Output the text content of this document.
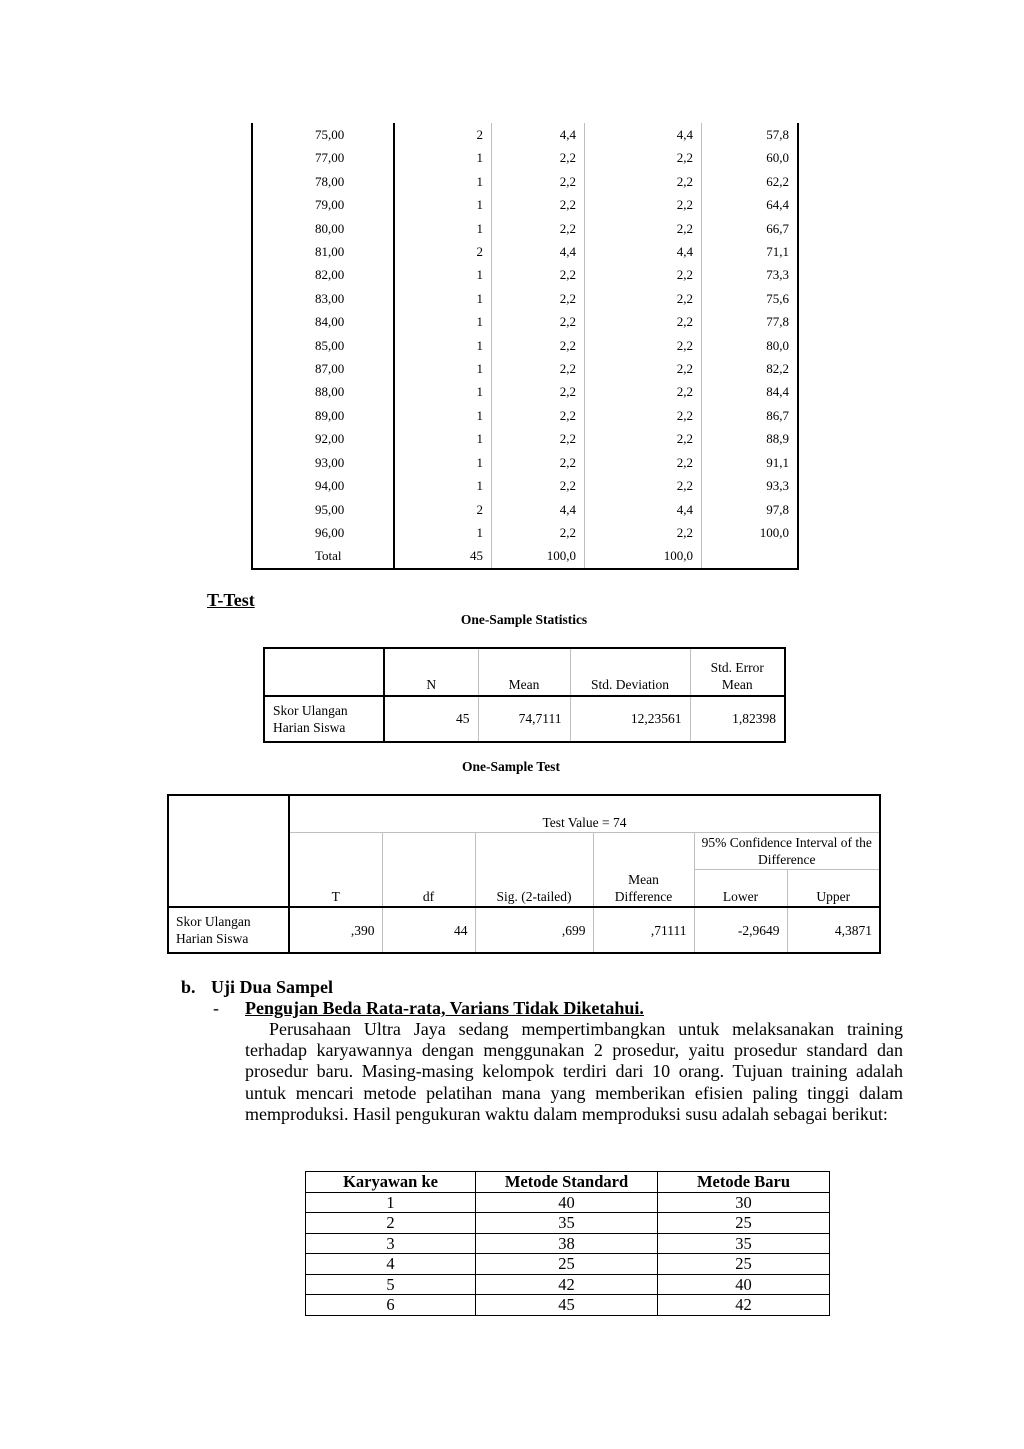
	75,00	2	4,4	4,4	57,8
	77,00	1	2,2	2,2	60,0
	78,00	1	2,2	2,2	62,2
	79,00	1	2,2	2,2	64,4
	80,00	1	2,2	2,2	66,7
	81,00	2	4,4	4,4	71,1
	82,00	1	2,2	2,2	73,3
	83,00	1	2,2	2,2	75,6
	84,00	1	2,2	2,2	77,8
	85,00	1	2,2	2,2	80,0
	87,00	1	2,2	2,2	82,2
	88,00	1	2,2	2,2	84,4
	89,00	1	2,2	2,2	86,7
	92,00	1	2,2	2,2	88,9
	93,00	1	2,2	2,2	91,1
	94,00	1	2,2	2,2	93,3
	95,00	2	4,4	4,4	97,8
	96,00	1	2,2	2,2	100,0
	Total	45	100,0	100,0	
T-Test
One-Sample Statistics
	N	Mean	Std. Deviation	Std. Error Mean
Skor Ulangan Harian Siswa	45	74,7111	12,23561	1,82398
One-Sample Test
	Test Value = 74					
	T	df	Sig. (2-tailed)	Mean Difference	95% Confidence Interval of the Difference	
					Lower	Upper
Skor Ulangan Harian Siswa	,390	44	,699	,71111	-2,9649	4,3871
b. Uji Dua Sampel
- Pengujan Beda Rata-rata, Varians Tidak Diketahui.
Perusahaan Ultra Jaya sedang mempertimbangkan untuk melaksanakan training terhadap karyawannya dengan menggunakan 2 prosedur, yaitu prosedur standard dan prosedur baru. Masing-masing kelompok terdiri dari 10 orang. Tujuan training adalah untuk mencari metode pelatihan mana yang memberikan efisien paling tinggi dalam memproduksi. Hasil pengukuran waktu dalam memproduksi susu adalah sebagai berikut:
Karyawan ke	Metode Standard	Metode Baru
1	40	30
2	35	25
3	38	35
4	25	25
5	42	40
6	45	42
